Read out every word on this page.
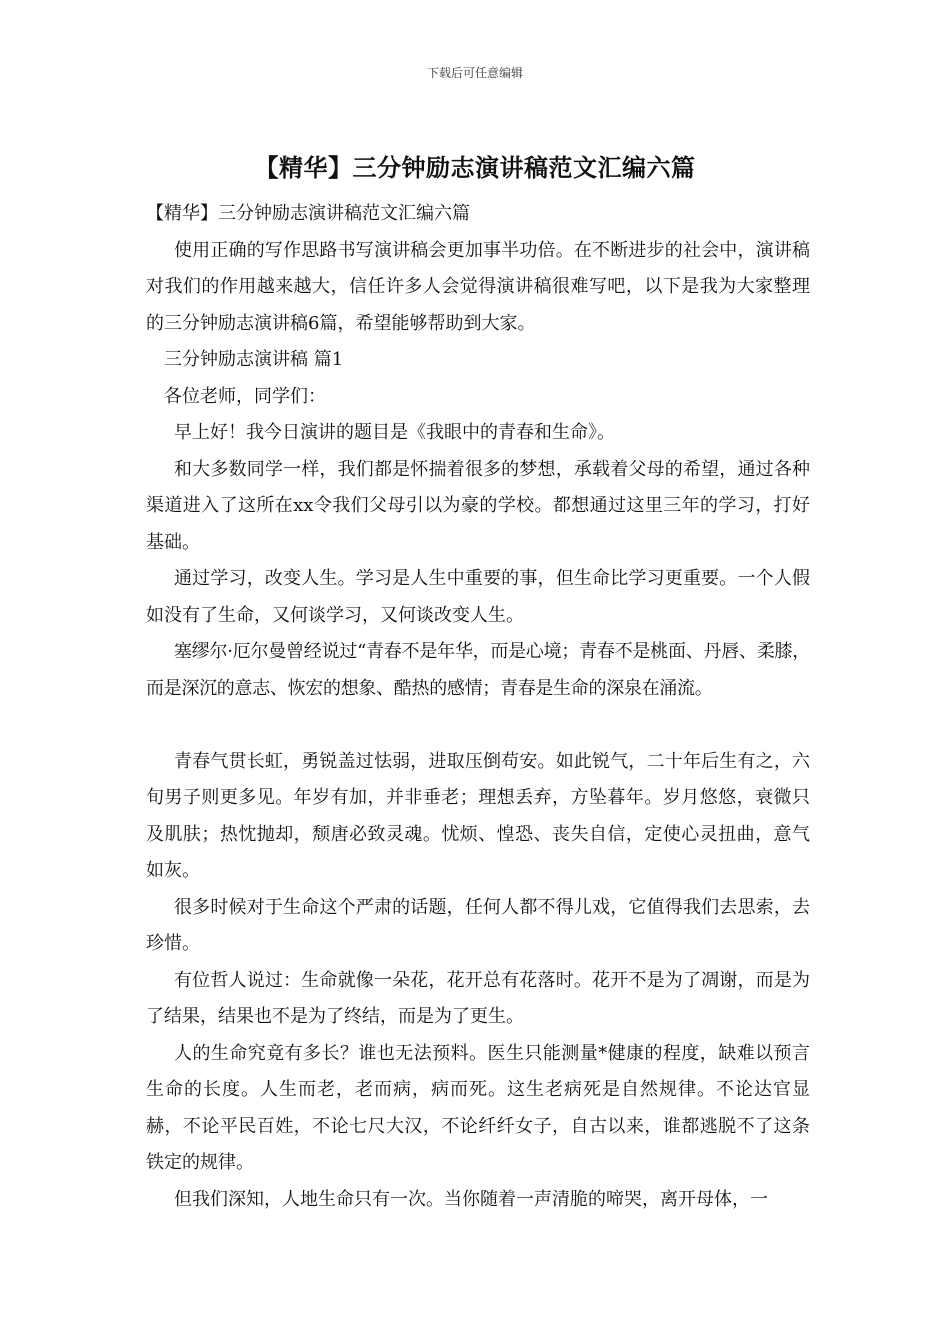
下载后可任意编辑
【精华】三分钟励志演讲稿范文汇编六篇

【精华】三分钟励志演讲稿范文汇编六篇

使用正确的写作思路书写演讲稿会更加事半功倍。在不断进步的社会中，演讲稿对我们的作用越来越大，信任许多人会觉得演讲稿很难写吧，以下是我为大家整理的三分钟励志演讲稿6篇，希望能够帮助到大家。

三分钟励志演讲稿 篇1

各位老师，同学们：

早上好！我今日演讲的题目是《我眼中的青春和生命》。

和大多数同学一样，我们都是怀揣着很多的梦想，承载着父母的希望，通过各种渠道进入了这所在xx令我们父母引以为豪的学校。都想通过这里三年的学习，打好基础。

通过学习，改变人生。学习是人生中重要的事，但生命比学习更重要。一个人假如没有了生命，又何谈学习，又何谈改变人生。

塞缪尔·厄尔曼曾经说过“青春不是年华，而是心境；青春不是桃面、丹唇、柔膝，而是深沉的意志、恢宏的想象、酷热的感情；青春是生命的深泉在涌流。

青春气贯长虹，勇锐盖过怯弱，进取压倒苟安。如此锐气，二十年后生有之，六旬男子则更多见。年岁有加，并非垂老；理想丢弃，方坠暮年。岁月悠悠，衰微只及肌肤；热忱抛却，颓唐必致灵魂。忧烦、惶恐、丧失自信，定使心灵扭曲，意气如灰。

很多时候对于生命这个严肃的话题，任何人都不得儿戏，它值得我们去思索，去珍惜。

有位哲人说过：生命就像一朵花，花开总有花落时。花开不是为了凋谢，而是为了结果，结果也不是为了终结，而是为了更生。

人的生命究竟有多长？谁也无法预料。医生只能测量*健康的程度，缺难以预言生命的长度。人生而老，老而病，病而死。这生老病死是自然规律。不论达官显赫，不论平民百姓，不论七尺大汉，不论纤纤女子，自古以来，谁都逃脱不了这条铁定的规律。

但我们深知，人地生命只有一次。当你随着一声清脆的啼哭，离开母体，一
